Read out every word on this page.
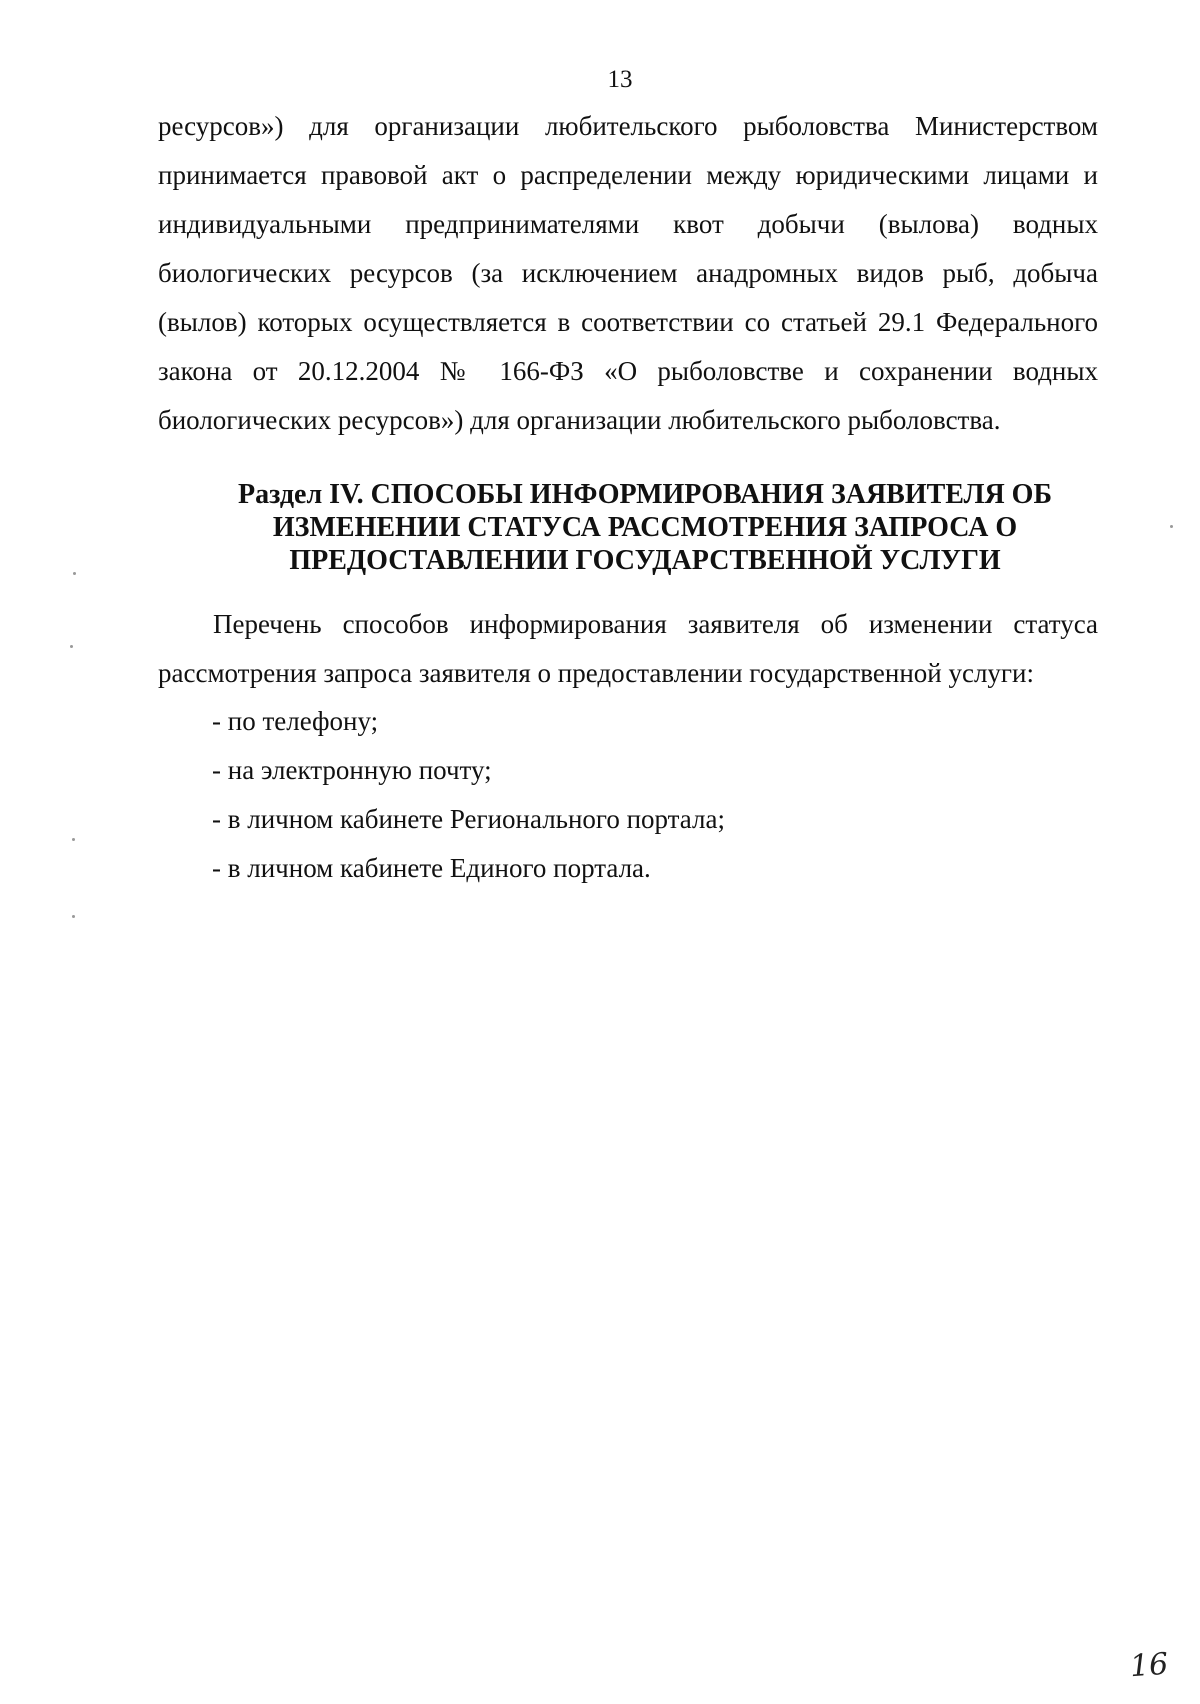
13
ресурсов») для организации любительского рыболовства Министерством принимается правовой акт о распределении между юридическими лицами и индивидуальными предпринимателями квот добычи (вылова) водных биологических ресурсов (за исключением анадромных видов рыб, добыча (вылов) которых осуществляется в соответствии со статьей 29.1 Федерального закона от 20.12.2004 № 166-ФЗ «О рыболовстве и сохранении водных биологических ресурсов») для организации любительского рыболовства.
Раздел IV. СПОСОБЫ ИНФОРМИРОВАНИЯ ЗАЯВИТЕЛЯ ОБ
ИЗМЕНЕНИИ СТАТУСА РАССМОТРЕНИЯ ЗАПРОСА О
ПРЕДОСТАВЛЕНИИ ГОСУДАРСТВЕННОЙ УСЛУГИ
Перечень способов информирования заявителя об изменении статуса рассмотрения запроса заявителя о предоставлении государственной услуги:
- по телефону;
- на электронную почту;
- в личном кабинете Регионального портала;
- в личном кабинете Единого портала.
16
